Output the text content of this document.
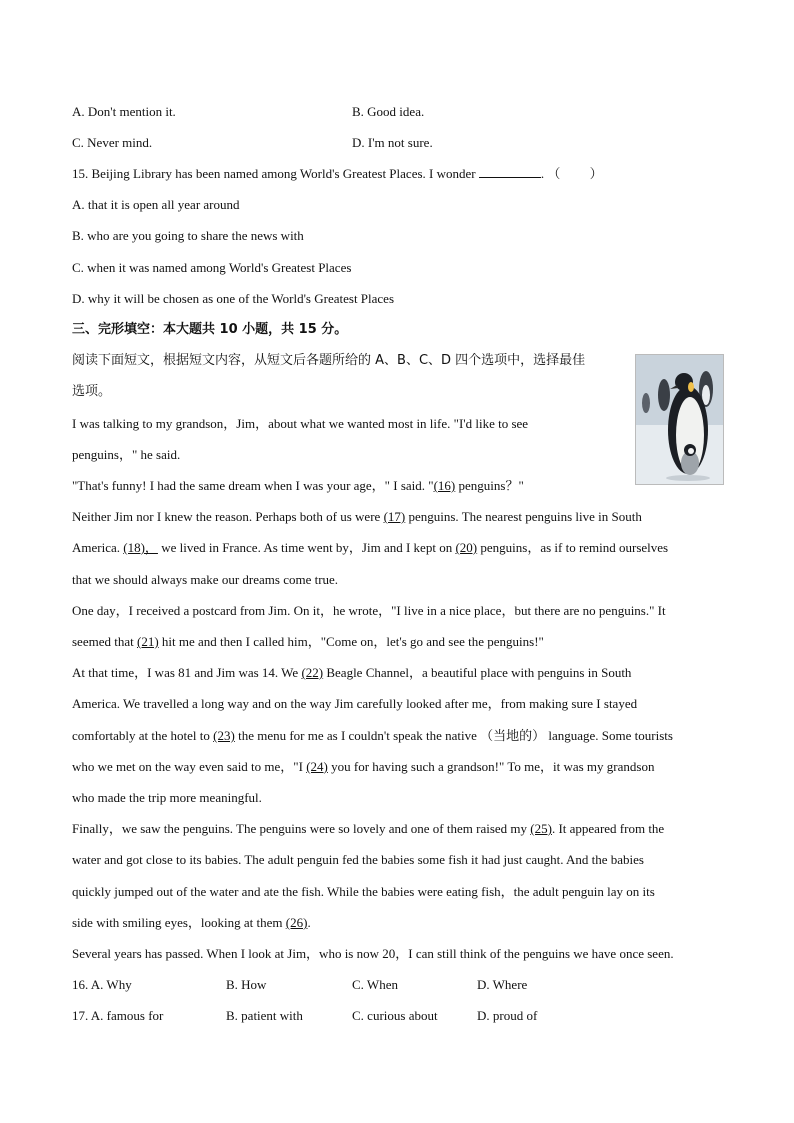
A. Don't mention it.	B. Good idea.
C. Never mind.	D. I'm not sure.
15. Beijing Library has been named among World's Greatest Places. I wonder	. （         ）
A. that it is open all year around
B. who are you going to share the news with
C. when it was named among World's Greatest Places
D. why it will be chosen as one of the World's Greatest Places
三、完形填空：本大题共 10 小题，共 15 分。
阅读下面短文，根据短文内容，从短文后各题所给的 A、B、C、D 四个选项中，选择最佳
选项。
I was talking to my grandson，Jim，about what we wanted most in life. "I'd like to see
penguins，" he said.
"That's funny! I had the same dream when I was your age，" I said. "(16) penguins？"
Neither Jim nor I knew the reason. Perhaps both of us were (17) penguins. The nearest penguins live in South
America. (18)， we lived in France. As time went by，Jim and I kept on (20) penguins，as if to remind ourselves
that we should always make our dreams come true.
One day，I received a postcard from Jim. On it，he wrote，"I live in a nice place，but there are no penguins." It
seemed that (21) hit me and then I called him，"Come on，let's go and see the penguins!"
At that time，I was 81 and Jim was 14. We (22) Beagle Channel，a beautiful place with penguins in South
America. We travelled a long way and on the way Jim carefully looked after me，from making sure I stayed
comfortably at the hotel to (23) the menu for me as I couldn't speak the native （当地的） language. Some tourists
who we met on the way even said to me，"I (24) you for having such a grandson!" To me，it was my grandson
who made the trip more meaningful.
Finally，we saw the penguins. The penguins were so lovely and one of them raised my (25). It appeared from the
water and got close to its babies. The adult penguin fed the babies some fish it had just caught. And the babies
quickly jumped out of the water and ate the fish. While the babies were eating fish，the adult penguin lay on its
side with smiling eyes，looking at them (26).
Several years has passed. When I look at Jim，who is now 20，I can still think of the penguins we have once seen.
16. A. Why	B. How	C. When	D. Where
17. A. famous for	B. patient with	C. curious about	D. proud of
